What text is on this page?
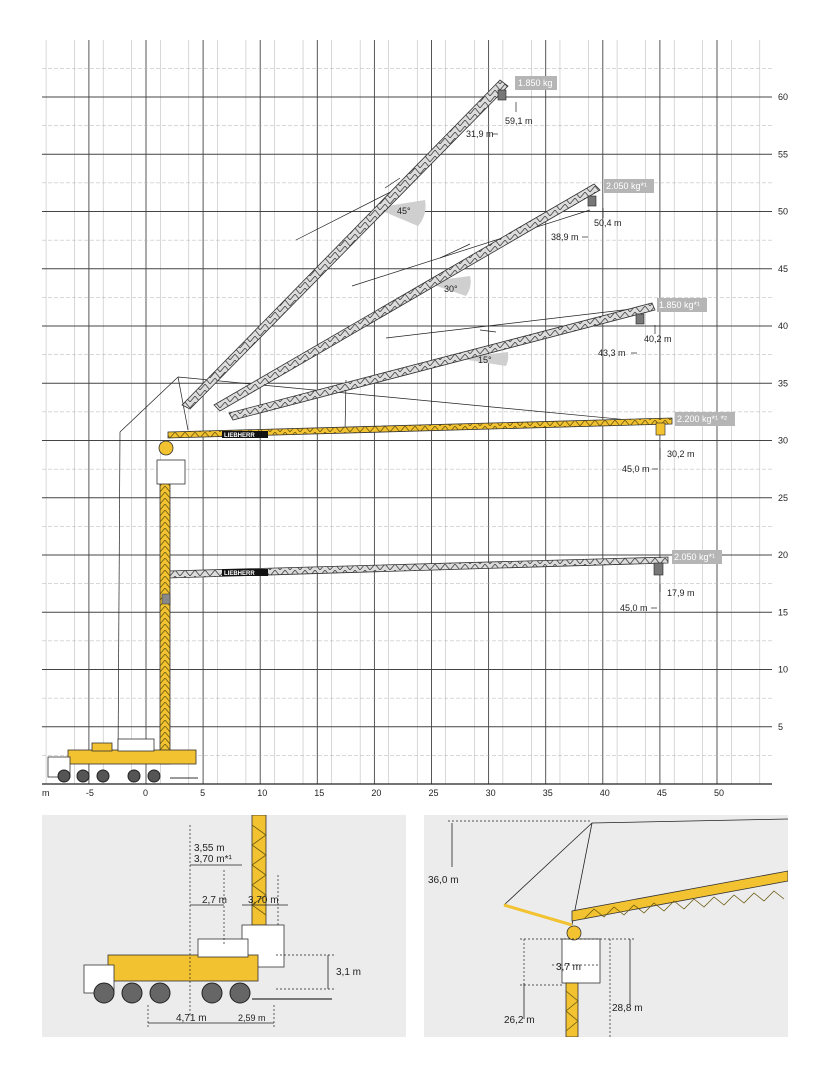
45°
30°
15°
LIEBHERR
LIEBHERR
1.850 kg
2.050 kg*¹
1.850 kg*¹
2.200 kg*¹ *²
2.050 kg*¹
59,1 m
31,9 m
50,4 m
38,9 m
40,2 m
43,3 m
30,2 m
45,0 m
17,9 m
45,0 m
-5	0	5	10	15	20	25	30	35	40	45	50
5
10
15
20
25
30
35
40
45
50
55
60
m
3,55 m
3,70 m*¹
2,7 m 3,70 m
3,1 m
4,71 m	2,59 m
36,0 m
3,7 m
28,8 m
26,2 m
